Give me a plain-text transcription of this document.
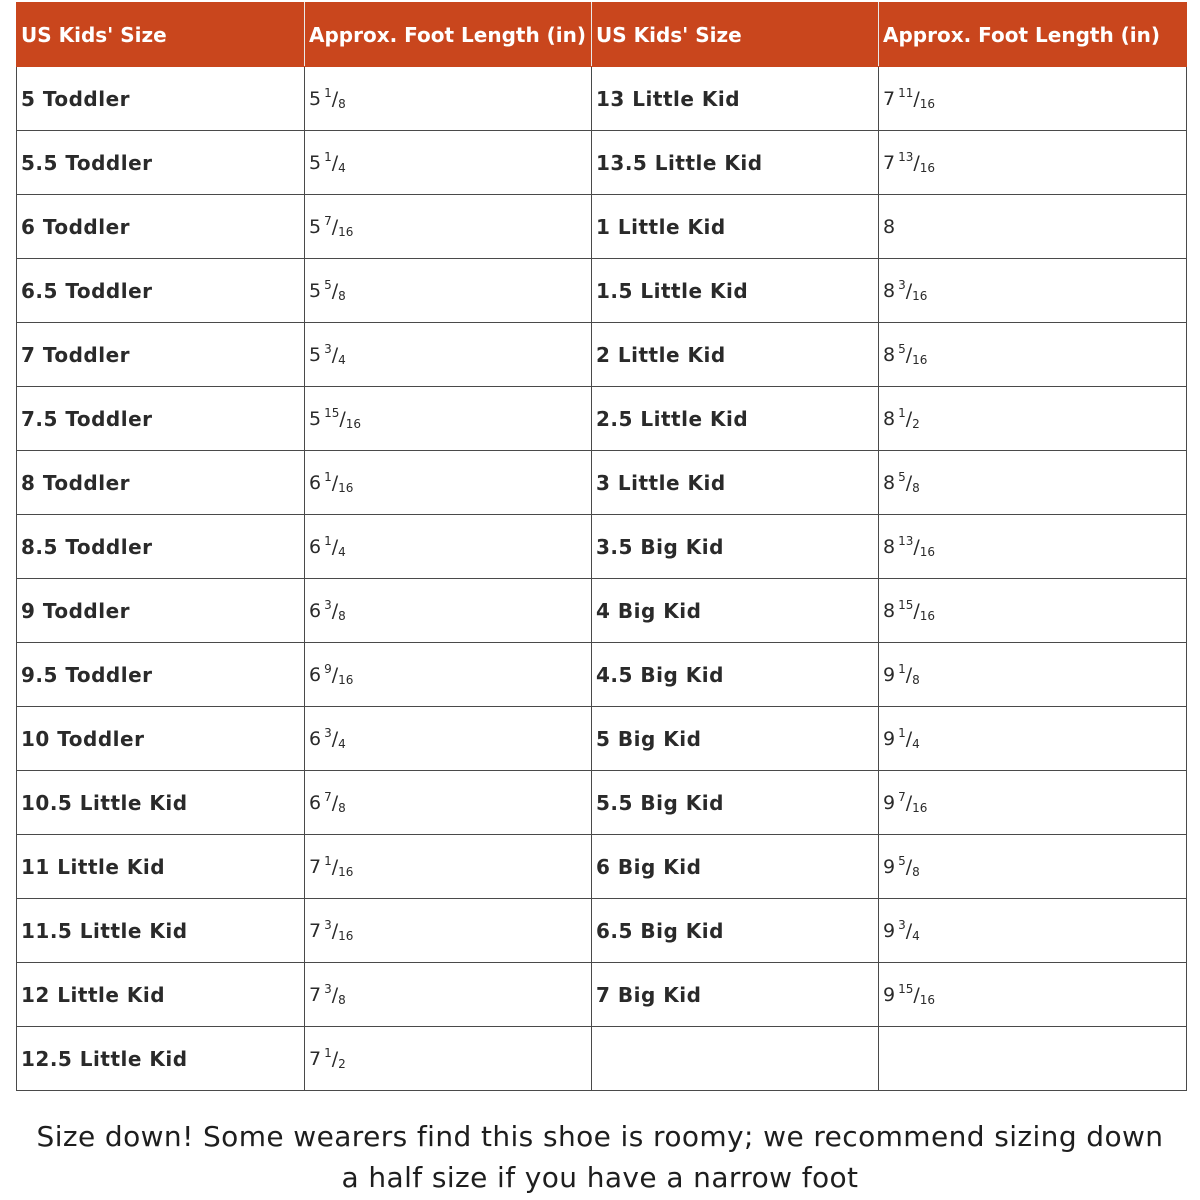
US Kids' Size	Approx. Foot Length (in)	US Kids' Size	Approx. Foot Length (in)
5 Toddler	5 $^1$/8	13 Little Kid	7 $^{11}$/16
5.5 Toddler	5 $^1$/4	13.5 Little Kid	7 $^{13}$/16
6 Toddler	5 $^7$/16	1 Little Kid	8
6.5 Toddler	5 $^5$/8	1.5 Little Kid	8 $^3$/16
7 Toddler	5 $^3$/4	2 Little Kid	8 $^5$/16
7.5 Toddler	5 $^{15}$/16	2.5 Little Kid	8 $^1$/2
8 Toddler	6 $^1$/16	3 Little Kid	8 $^5$/8
8.5 Toddler	6 $^1$/4	3.5 Big Kid	8 $^{13}$/16
9 Toddler	6 $^3$/8	4 Big Kid	8 $^{15}$/16
9.5 Toddler	6 $^9$/16	4.5 Big Kid	9 $^1$/8
10 Toddler	6 $^3$/4	5 Big Kid	9 $^1$/4
10.5 Little Kid	6 $^7$/8	5.5 Big Kid	9 $^7$/16
11 Little Kid	7 $^1$/16	6 Big Kid	9 $^5$/8
11.5 Little Kid	7 $^3$/16	6.5 Big Kid	9 $^3$/4
12 Little Kid	7 $^3$/8	7 Big Kid	9 $^{15}$/16
12.5 Little Kid	7 $^1$/2		
Size down! Some wearers find this shoe is roomy; we recommend sizing down
a half size if you have a narrow foot
